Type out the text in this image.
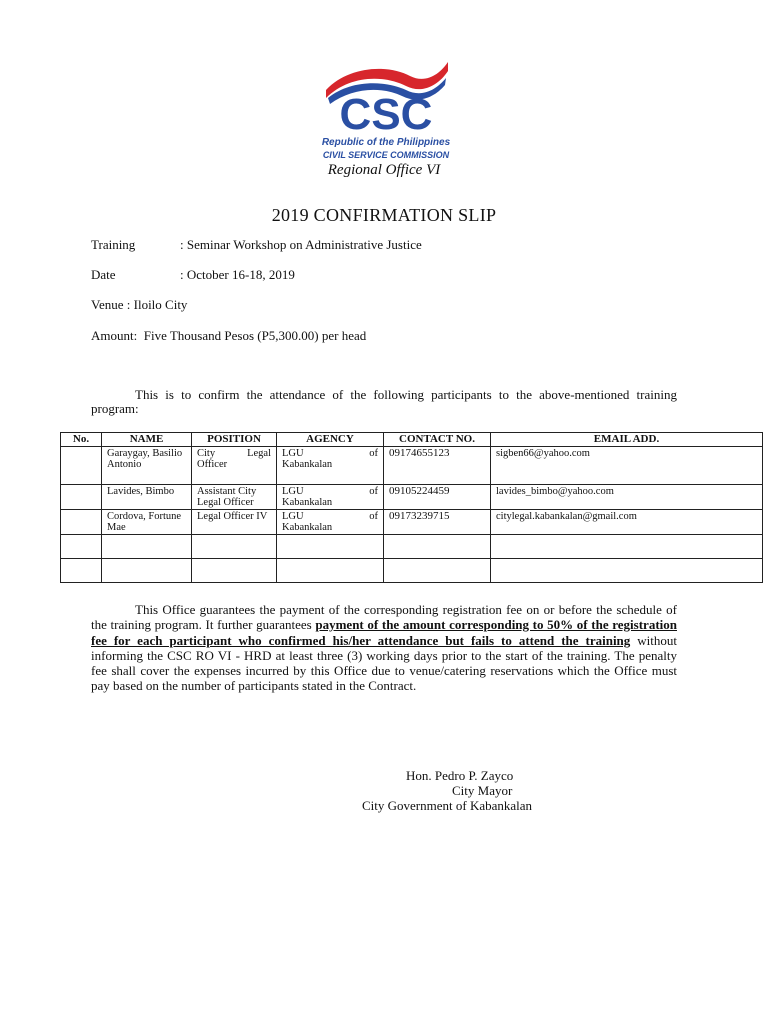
CSC
Republic of the Philippines
CIVIL SERVICE COMMISSION
Regional Office VI
2019 CONFIRMATION SLIP
Training	: Seminar Workshop on Administrative Justice
Date	: October 16-18, 2019
Venue : Iloilo City
Amount: Five Thousand Pesos (P5,300.00) per head
This is to confirm the attendance of the following participants to the above-mentioned training program:
No.	NAME	POSITION	AGENCY	CONTACT NO.	EMAIL ADD.
	Garaygay, Basilio Antonio	City Legal Officer	LGU of
Kabankalan	09174655123	sigben66@yahoo.com
	Lavides, Bimbo	Assistant City Legal Officer	LGU of
Kabankalan	09105224459	lavides_bimbo@yahoo.com
	Cordova, Fortune Mae	Legal Officer IV	LGU of
Kabankalan	09173239715	citylegal.kabankalan@gmail.com

This Office guarantees the payment of the corresponding registration fee on or before the schedule of the training program. It further guarantees payment of the amount corresponding to 50% of the registration fee for each participant who confirmed his/her attendance but fails to attend the training without informing the CSC RO VI - HRD at least three (3) working days prior to the start of the training. The penalty fee shall cover the expenses incurred by this Office due to venue/catering reservations which the Office must pay based on the number of participants stated in the Contract.
Hon. Pedro P. Zayco
City Mayor
City Government of Kabankalan
